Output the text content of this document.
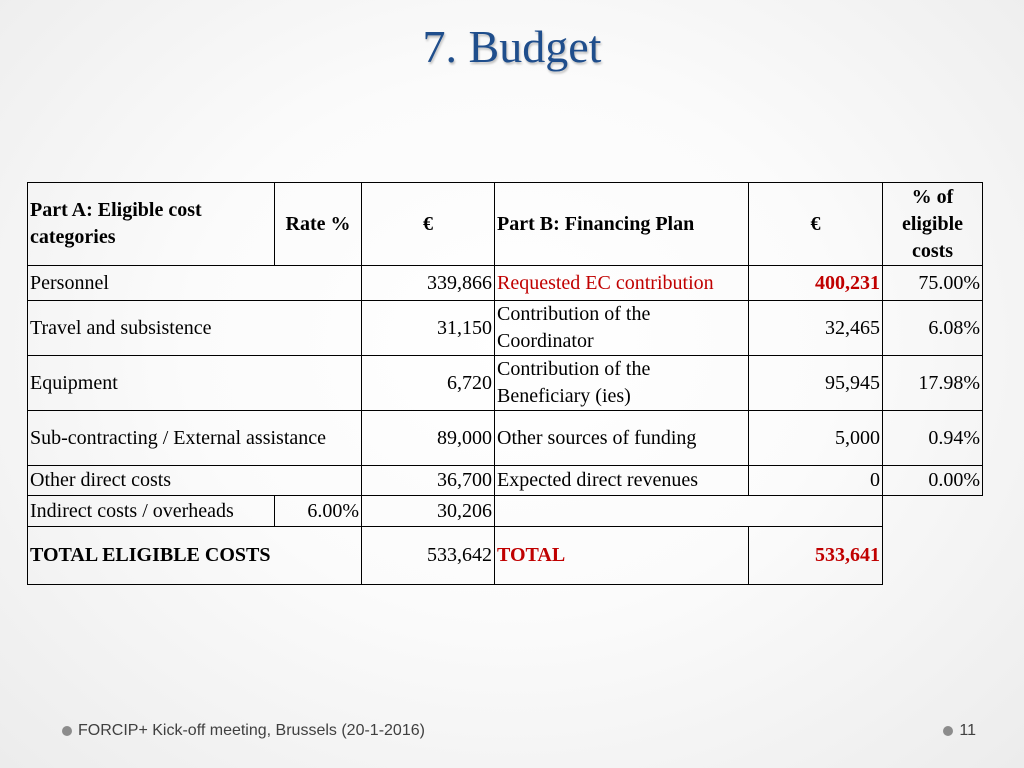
7. Budget
Part A: Eligible cost categories	Rate %	€	Part B: Financing Plan	€	% of eligible costs
Personnel		339,866	Requested EC contribution	400,231	75.00%
Travel and subsistence		31,150	Contribution of the Coordinator	32,465	6.08%
Equipment		6,720	Contribution of the Beneficiary (ies)	95,945	17.98%
Sub-contracting / External assistance		89,000	Other sources of funding	5,000	0.94%
Other direct costs		36,700	Expected direct revenues	0	0.00%
Indirect costs / overheads	6.00%	30,206			
TOTAL ELIGIBLE COSTS		533,642	TOTAL	533,641	
FORCIP+ Kick-off meeting, Brussels (20-1-2016)	11
